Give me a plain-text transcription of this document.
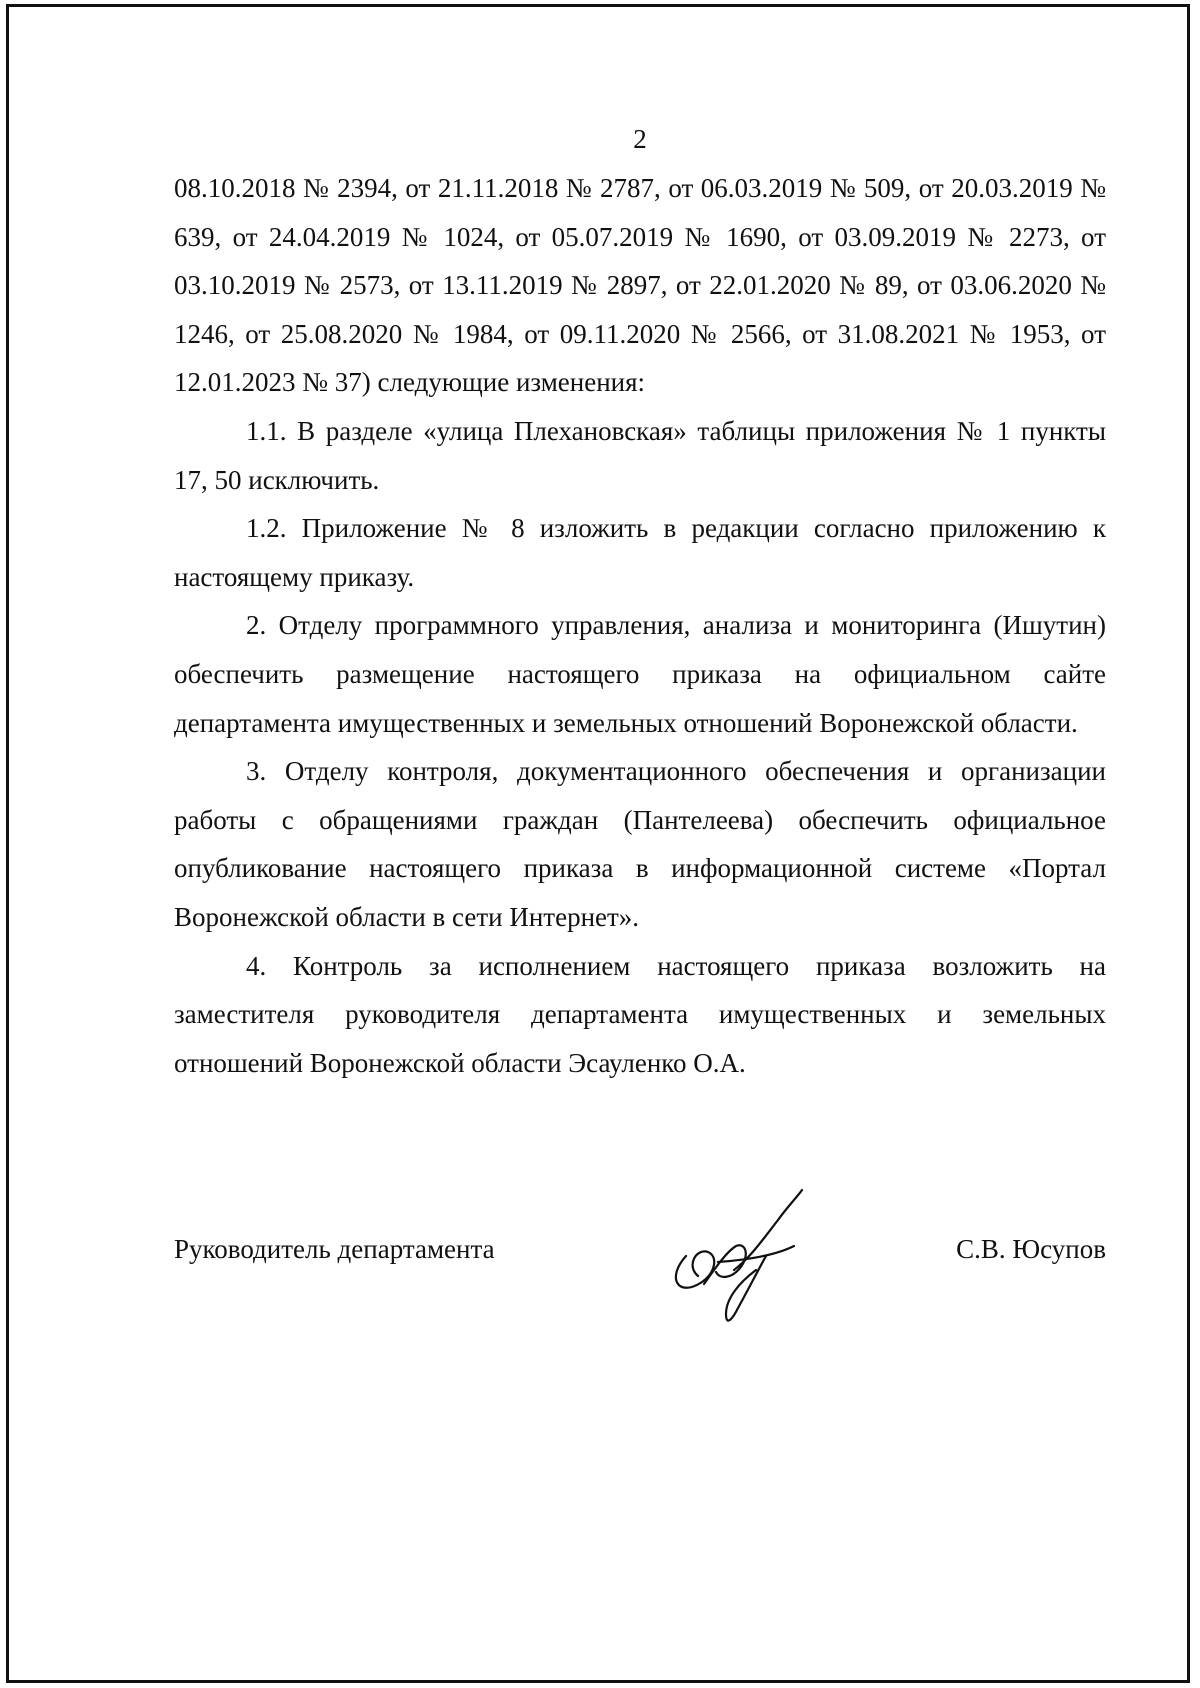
2

08.10.2018 № 2394, от 21.11.2018 № 2787, от 06.03.2019 № 509, от 20.03.2019 № 639, от 24.04.2019 № 1024, от 05.07.2019 № 1690, от 03.09.2019 № 2273, от 03.10.2019 № 2573, от 13.11.2019 № 2897, от 22.01.2020 № 89, от 03.06.2020 № 1246, от 25.08.2020 № 1984, от 09.11.2020 № 2566, от 31.08.2021 № 1953, от 12.01.2023 № 37) следующие изменения:

1.1. В разделе «улица Плехановская» таблицы приложения № 1 пункты 17, 50 исключить.

1.2. Приложение № 8 изложить в редакции согласно приложению к настоящему приказу.

2. Отделу программного управления, анализа и мониторинга (Ишутин) обеспечить размещение настоящего приказа на официальном сайте департамента имущественных и земельных отношений Воронежской области.

3. Отделу контроля, документационного обеспечения и организации работы с обращениями граждан (Пантелеева) обеспечить официальное опубликование настоящего приказа в информационной системе «Портал Воронежской области в сети Интернет».

4. Контроль за исполнением настоящего приказа возложить на заместителя руководителя департамента имущественных и земельных отношений Воронежской области Эсауленко О.А.

Руководитель департамента	С.В. Юсупов
